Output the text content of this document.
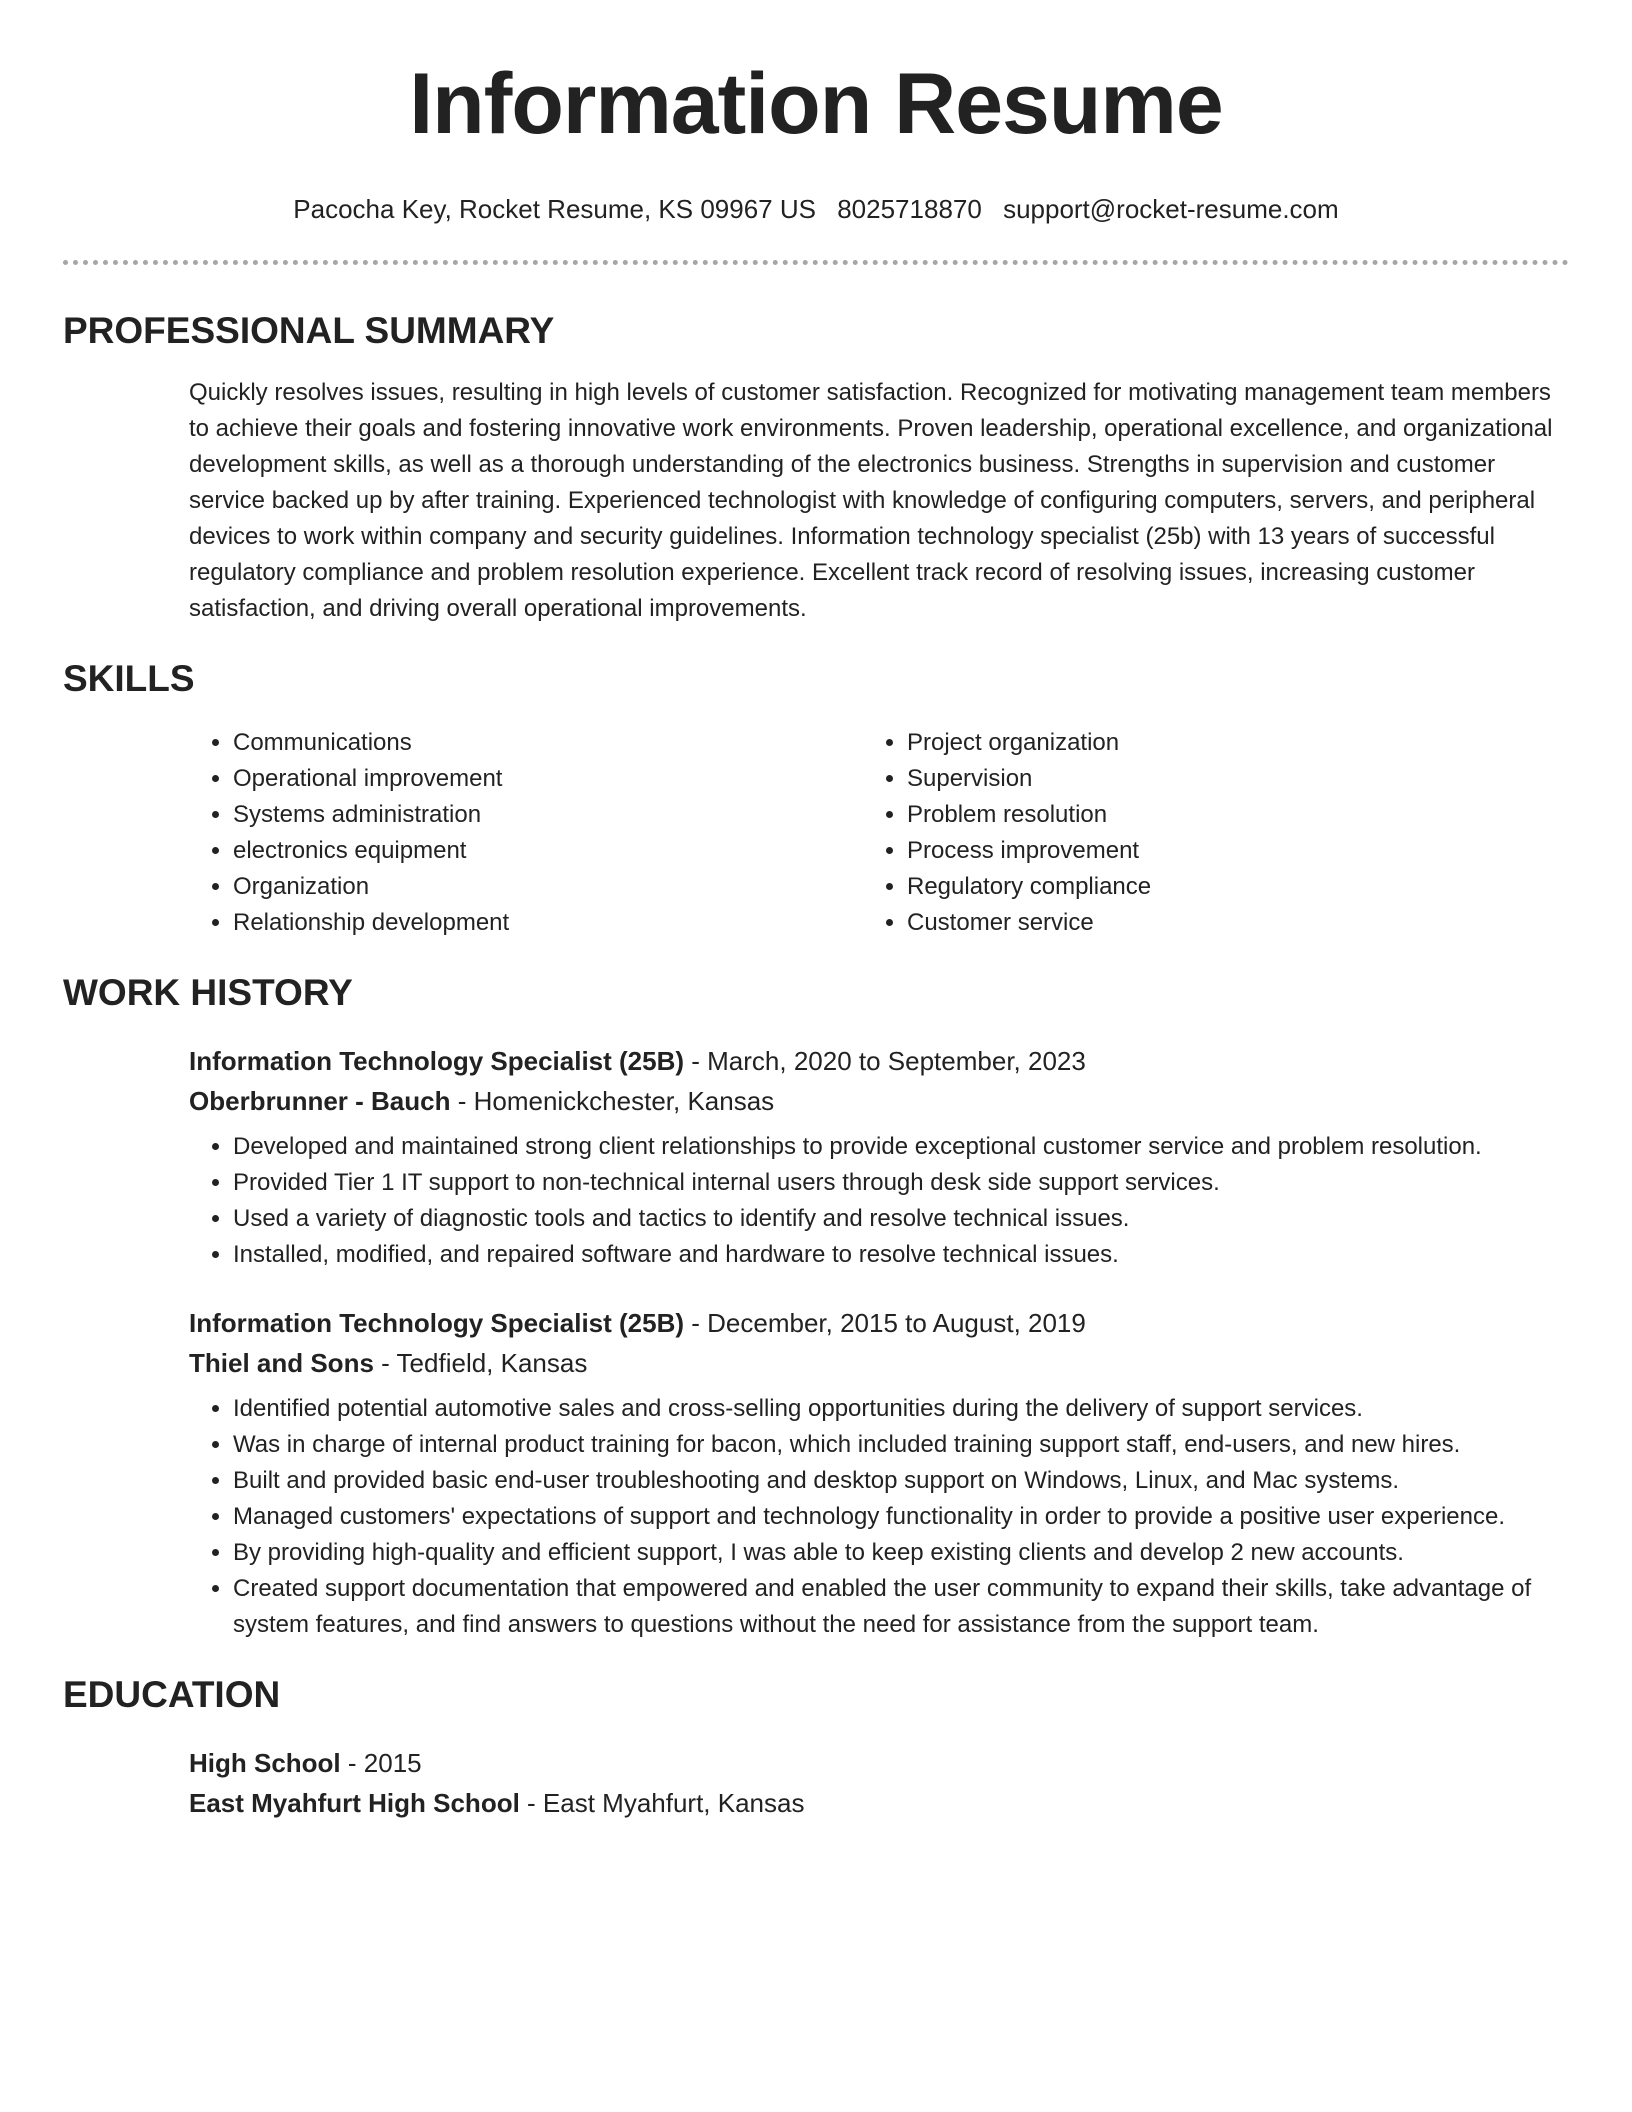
Information Resume
Pacocha Key, Rocket Resume, KS 09967 US 8025718870 support@rocket-resume.com
PROFESSIONAL SUMMARY
Quickly resolves issues, resulting in high levels of customer satisfaction. Recognized for motivating management team members to achieve their goals and fostering innovative work environments. Proven leadership, operational excellence, and organizational development skills, as well as a thorough understanding of the electronics business. Strengths in supervision and customer service backed up by after training. Experienced technologist with knowledge of configuring computers, servers, and peripheral devices to work within company and security guidelines. Information technology specialist (25b) with 13 years of successful regulatory compliance and problem resolution experience. Excellent track record of resolving issues, increasing customer satisfaction, and driving overall operational improvements.
SKILLS
• Communications
• Operational improvement
• Systems administration
• electronics equipment
• Organization
• Relationship development
• Project organization
• Supervision
• Problem resolution
• Process improvement
• Regulatory compliance
• Customer service
WORK HISTORY
Information Technology Specialist (25B) - March, 2020 to September, 2023
Oberbrunner - Bauch - Homenickchester, Kansas
• Developed and maintained strong client relationships to provide exceptional customer service and problem resolution.
• Provided Tier 1 IT support to non-technical internal users through desk side support services.
• Used a variety of diagnostic tools and tactics to identify and resolve technical issues.
• Installed, modified, and repaired software and hardware to resolve technical issues.
Information Technology Specialist (25B) - December, 2015 to August, 2019
Thiel and Sons - Tedfield, Kansas
• Identified potential automotive sales and cross-selling opportunities during the delivery of support services.
• Was in charge of internal product training for bacon, which included training support staff, end-users, and new hires.
• Built and provided basic end-user troubleshooting and desktop support on Windows, Linux, and Mac systems.
• Managed customers' expectations of support and technology functionality in order to provide a positive user experience.
• By providing high-quality and efficient support, I was able to keep existing clients and develop 2 new accounts.
• Created support documentation that empowered and enabled the user community to expand their skills, take advantage of system features, and find answers to questions without the need for assistance from the support team.
EDUCATION
High School - 2015
East Myahfurt High School - East Myahfurt, Kansas
